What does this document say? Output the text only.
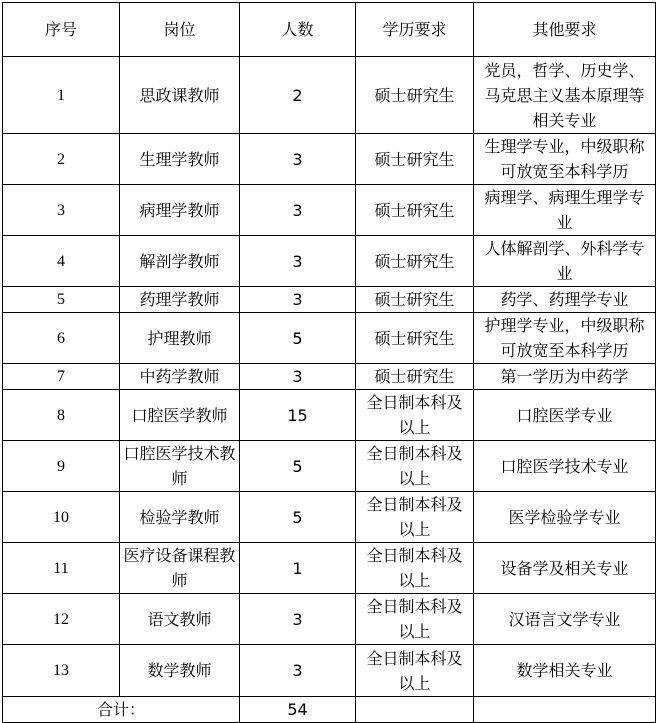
序号	岗位	人数	学历要求	其他要求
1	思政课教师	2	硕士研究生	党员，哲学、历史学、马克思主义基本原理等相关专业
2	生理学教师	3	硕士研究生	生理学专业，中级职称可放宽至本科学历
3	病理学教师	3	硕士研究生	病理学、病理生理学专业
4	解剖学教师	3	硕士研究生	人体解剖学、外科学专业
5	药理学教师	3	硕士研究生	药学、药理学专业
6	护理教师	5	硕士研究生	护理学专业，中级职称可放宽至本科学历
7	中药学教师	3	硕士研究生	第一学历为中药学
8	口腔医学教师	15	全日制本科及以上	口腔医学专业
9	口腔医学技术教师	5	全日制本科及以上	口腔医学技术专业
10	检验学教师	5	全日制本科及以上	医学检验学专业
11	医疗设备课程教师	1	全日制本科及以上	设备学及相关专业
12	语文教师	3	全日制本科及以上	汉语言文学专业
13	数学教师	3	全日制本科及以上	数学相关专业
合计：		54		
